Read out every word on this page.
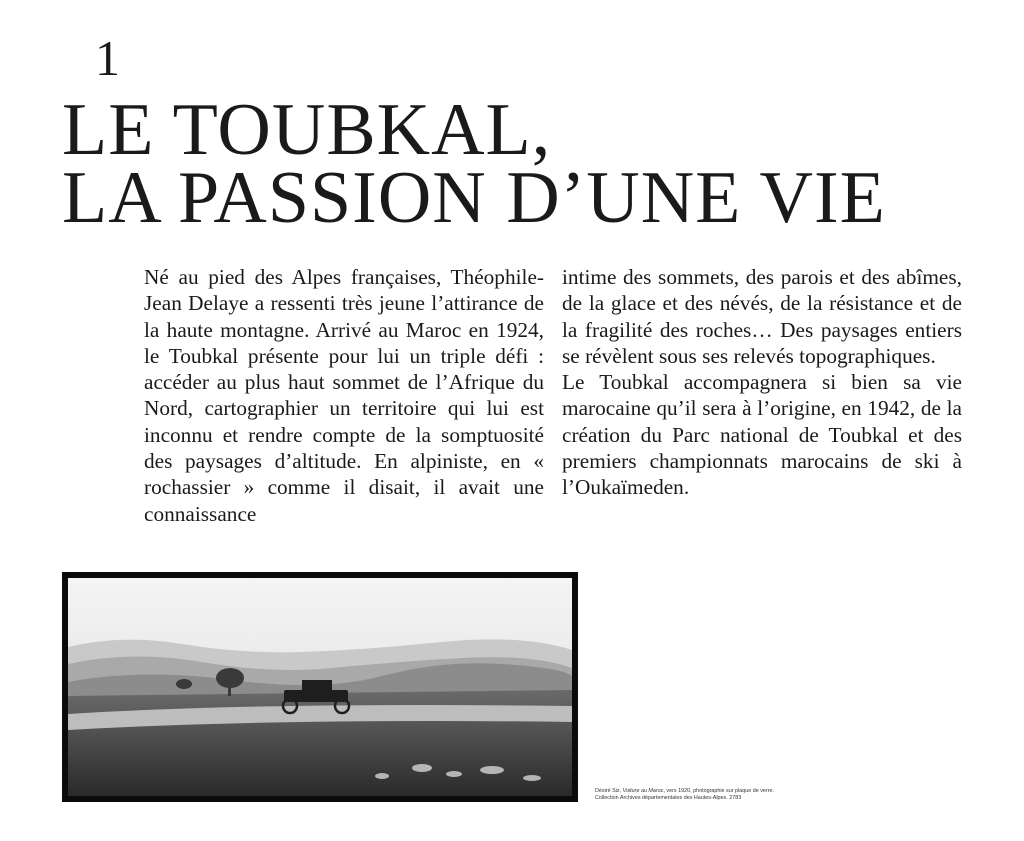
1
LE TOUBKAL,
LA PASSION D’UNE VIE

Né au pied des Alpes françaises, Théophile-Jean Delaye a ressenti très jeune l’attirance de la haute montagne. Arrivé au Maroc en 1924, le Toubkal présente pour lui un triple défi : accéder au plus haut sommet de l’Afrique du Nord, cartographier un territoire qui lui est inconnu et rendre compte de la somptuosité des paysages d’altitude. En alpiniste, en « rochassier » comme il disait, il avait une connaissance

intime des sommets, des parois et des abîmes, de la glace et des névés, de la résistance et de la fragilité des roches… Des paysages entiers se révèlent sous ses relevés topographiques.

Le Toubkal accompagnera si bien sa vie marocaine qu’il sera à l’origine, en 1942, de la création du Parc national de Toubkal et des premiers championnats marocains de ski à l’Oukaïmeden.

Désiré Siz, Voiture au Maroc, vers 1920, photographie sur plaque de verre.
Collection Archives départementales des Hautes-Alpes. 2783
